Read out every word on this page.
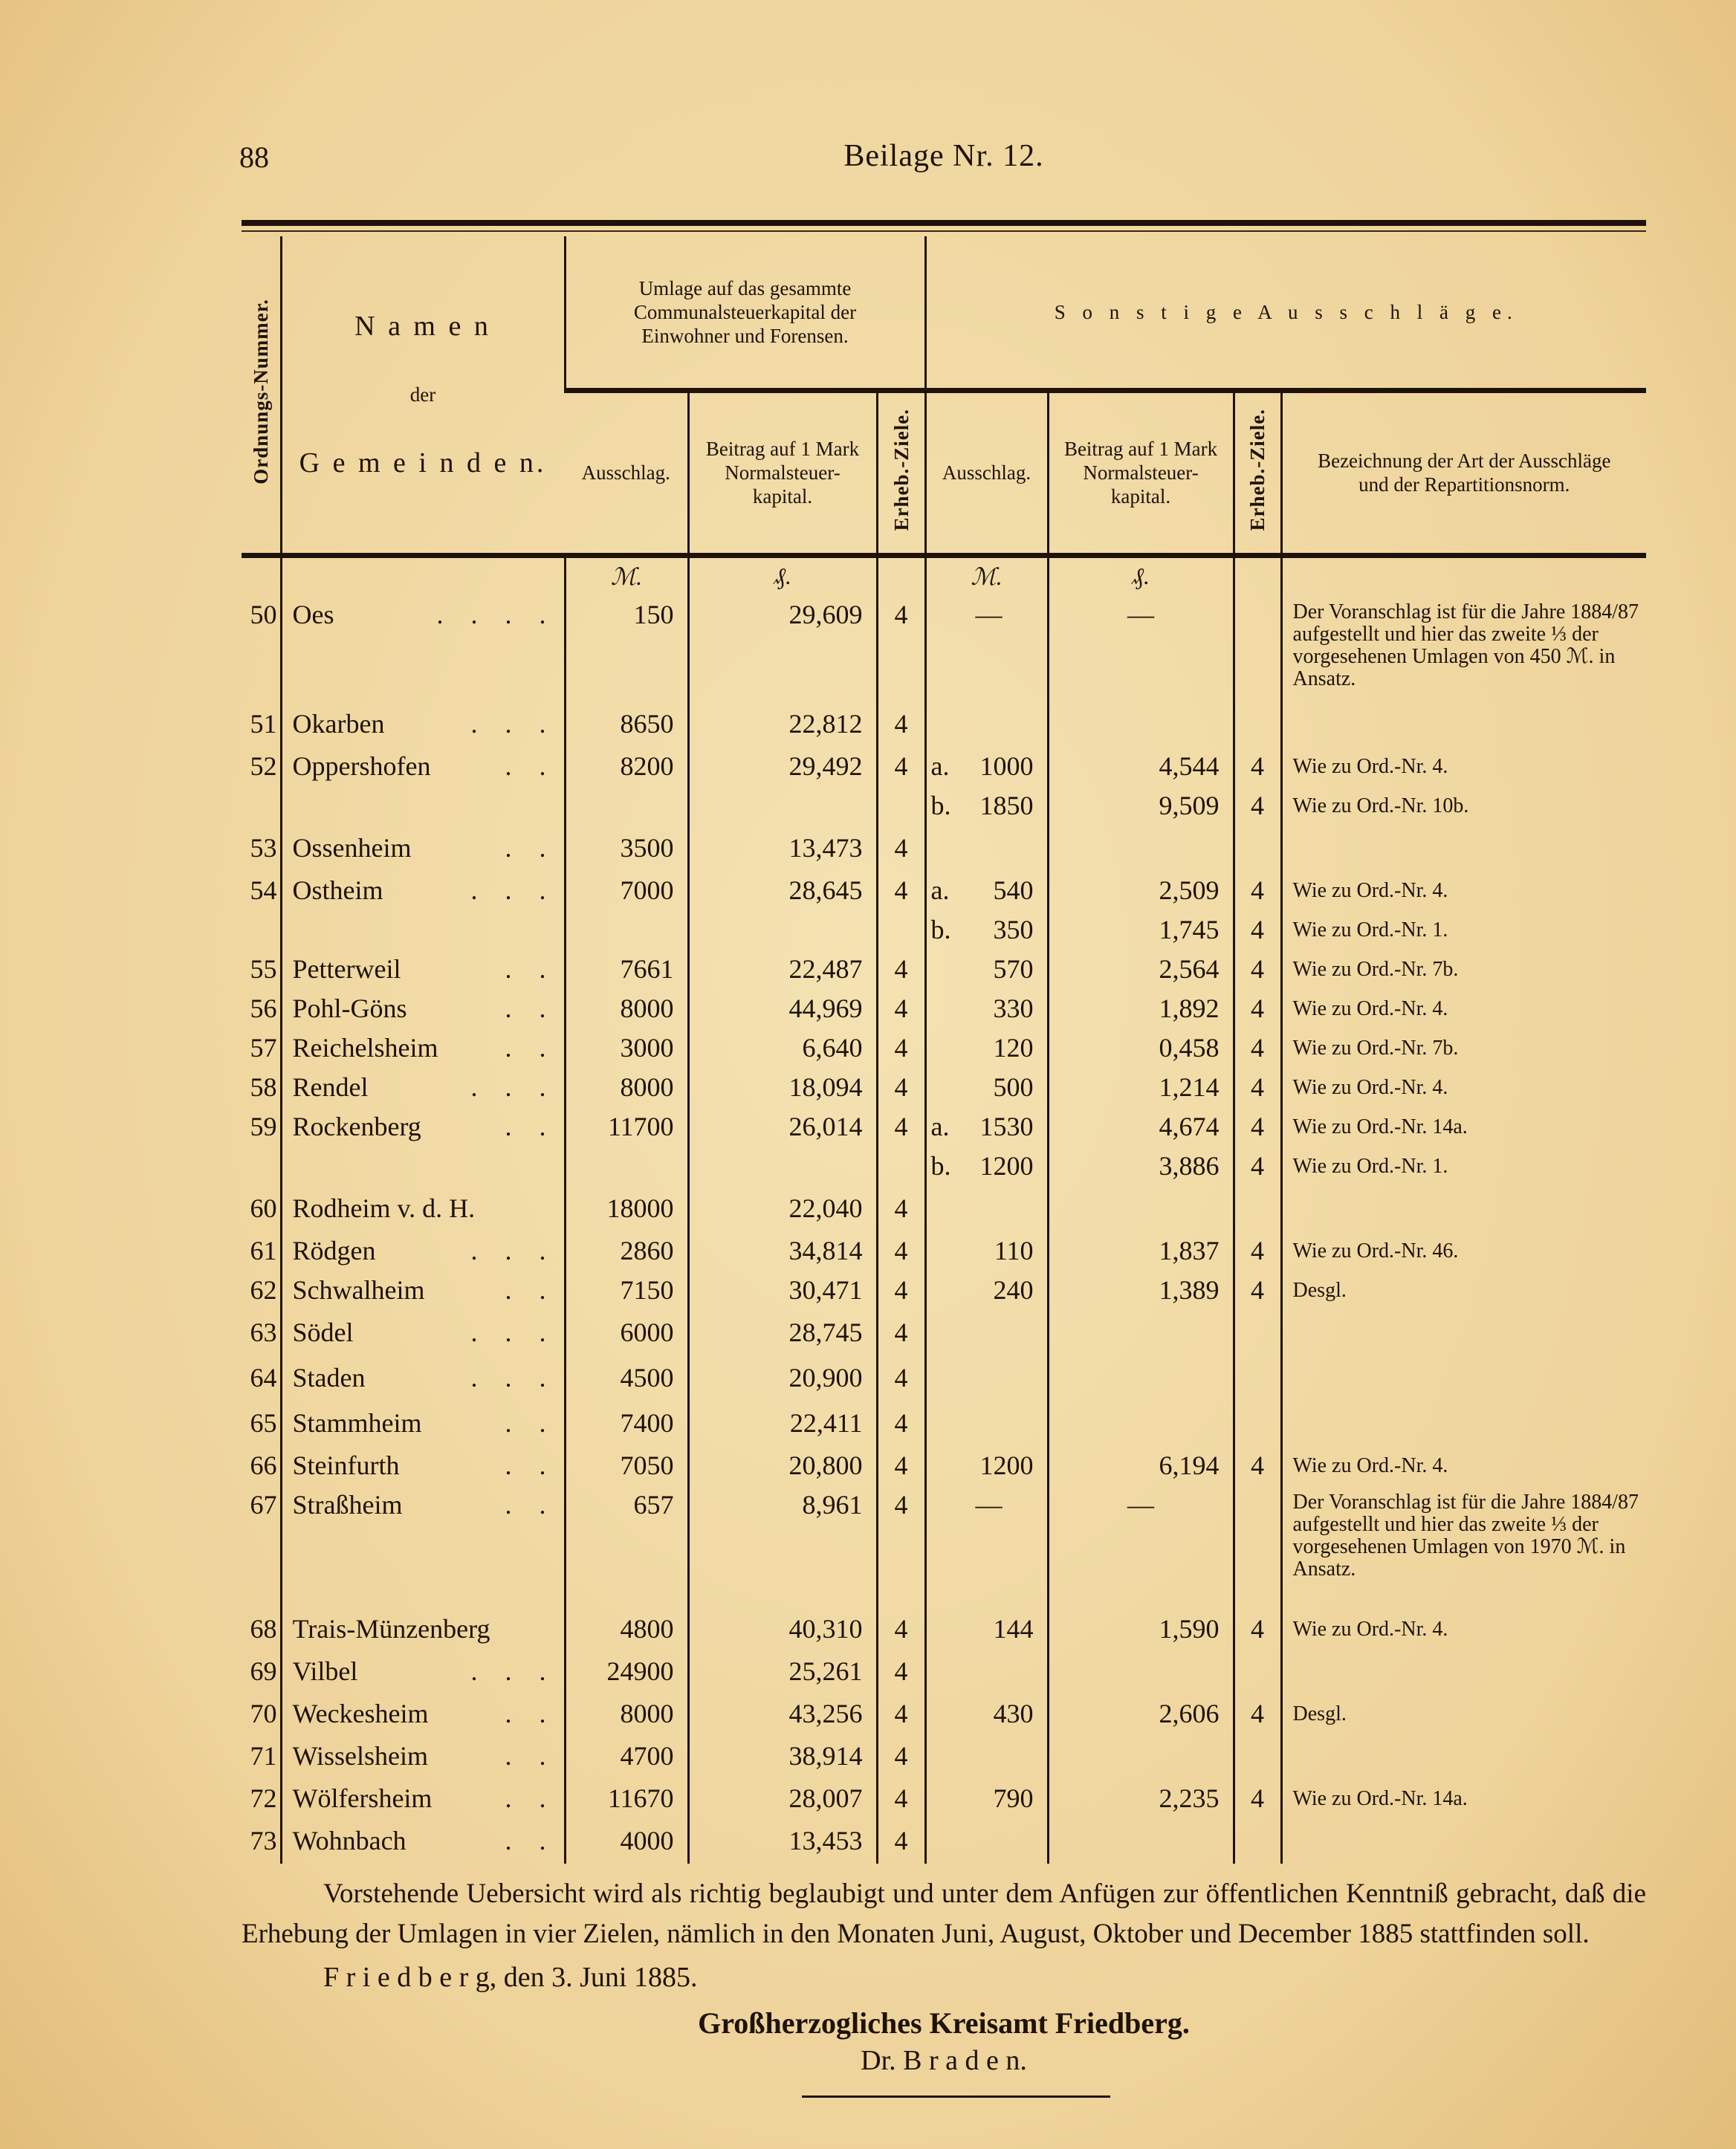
88	Beilage Nr. 12.
Ordnungs-Nummer.	N a m e n
der
G e m e i n d e n.	Umlage auf das gesammte Communalsteuerkapital der Einwohner und Forensen.			S o n s t i g e A u s s c h l ä g e.			
		Ausschlag.	Beitrag auf 1 Mark Normalsteuer-kapital.	Erheb.-Ziele.	Ausschlag.	Beitrag auf 1 Mark Normalsteuer-kapital.	Erheb.-Ziele.	Bezeichnung der Art der Ausschläge und der Repartitionsnorm.
		ℳ.	₰.		ℳ.	₰.		
50	Oes . . . .	150	29,609	4	—	—		Der Voranschlag ist für die Jahre 1884/87 aufgestellt und hier das zweite ⅓ der vorgesehenen Umlagen von 450 ℳ. in Ansatz.
51	Okarben . . .	8650	22,812	4				
52	Oppershofen . .	8200	29,492	4	a. 1000	4,544	4	Wie zu Ord.-Nr. 4.

					b. 1850	9,509	4	Wie zu Ord.-Nr. 10b.
53	Ossenheim . .	3500	13,473	4				
54	Ostheim . . .	7000	28,645	4	a. 540	2,509	4	Wie zu Ord.-Nr. 4.

					b. 350	1,745	4	Wie zu Ord.-Nr. 1.
55	Petterweil . .	7661	22,487	4	570	2,564	4	Wie zu Ord.-Nr. 7b.
56	Pohl-Göns . .	8000	44,969	4	330	1,892	4	Wie zu Ord.-Nr. 4.
57	Reichelsheim . .	3000	6,640	4	120	0,458	4	Wie zu Ord.-Nr. 7b.
58	Rendel . . .	8000	18,094	4	500	1,214	4	Wie zu Ord.-Nr. 4.
59	Rockenberg . .	11700	26,014	4	a. 1530	4,674	4	Wie zu Ord.-Nr. 14a.

					b. 1200	3,886	4	Wie zu Ord.-Nr. 1.
60	Rodheim v. d. H.	18000	22,040	4				
61	Rödgen . . .	2860	34,814	4	110	1,837	4	Wie zu Ord.-Nr. 46.
62	Schwalheim . .	7150	30,471	4	240	1,389	4	Desgl.
63	Södel . . .	6000	28,745	4				
64	Staden . . .	4500	20,900	4				
65	Stammheim . .	7400	22,411	4				
66	Steinfurth . .	7050	20,800	4	1200	6,194	4	Wie zu Ord.-Nr. 4.
67	Straßheim . .	657	8,961	4	—	—		Der Voranschlag ist für die Jahre 1884/87 aufgestellt und hier das zweite ⅓ der vorgesehenen Umlagen von 1970 ℳ. in Ansatz.
68	Trais-Münzenberg	4800	40,310	4	144	1,590	4	Wie zu Ord.-Nr. 4.
69	Vilbel . . .	24900	25,261	4				
70	Weckesheim . .	8000	43,256	4	430	2,606	4	Desgl.
71	Wisselsheim . .	4700	38,914	4				
72	Wölfersheim . .	11670	28,007	4	790	2,235	4	Wie zu Ord.-Nr. 14a.
73	Wohnbach . .	4000	13,453	4				
Vorstehende Uebersicht wird als richtig beglaubigt und unter dem Anfügen zur öffentlichen Kenntniß gebracht, daß die Erhebung der Umlagen in vier Zielen, nämlich in den Monaten Juni, August, Oktober und December 1885 stattfinden soll.
F r i e d b e r g, den 3. Juni 1885.
Großherzogliches Kreisamt Friedberg.
Dr. B r a d e n.
